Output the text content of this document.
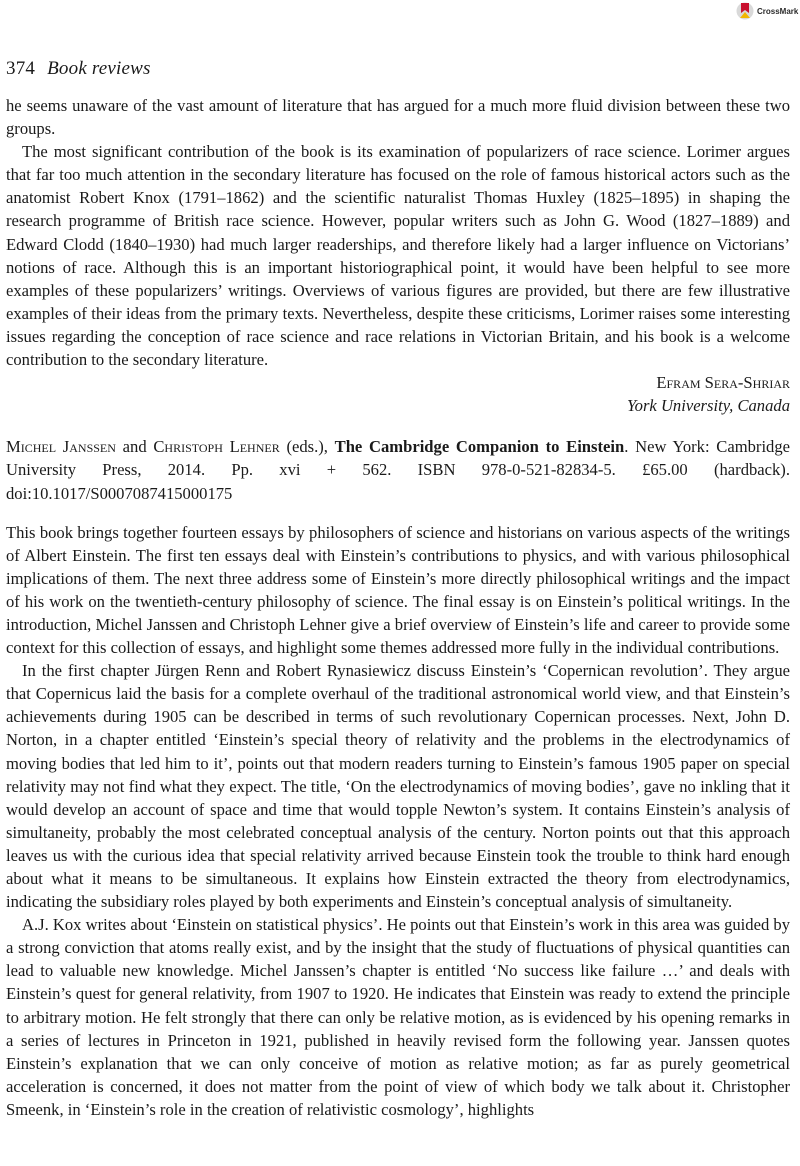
CrossMark
374 Book reviews

he seems unaware of the vast amount of literature that has argued for a much more fluid division between these two groups.

The most significant contribution of the book is its examination of popularizers of race science. Lorimer argues that far too much attention in the secondary literature has focused on the role of famous historical actors such as the anatomist Robert Knox (1791–1862) and the scientific naturalist Thomas Huxley (1825–1895) in shaping the research programme of British race science. However, popular writers such as John G. Wood (1827–1889) and Edward Clodd (1840–1930) had much larger readerships, and therefore likely had a larger influence on Victorians’ notions of race. Although this is an important historiographical point, it would have been helpful to see more examples of these popularizers’ writings. Overviews of various figures are provided, but there are few illustrative examples of their ideas from the primary texts. Nevertheless, despite these criticisms, Lorimer raises some interesting issues regarding the conception of race science and race relations in Victorian Britain, and his book is a welcome contribution to the secondary literature.

Efram Sera-Shriar

York University, Canada

Michel Janssen and Christoph Lehner (eds.), The Cambridge Companion to Einstein. New York: Cambridge University Press, 2014. Pp. xvi + 562. ISBN 978-0-521-82834-5. £65.00 (hardback). doi:10.1017/S0007087415000175

This book brings together fourteen essays by philosophers of science and historians on various aspects of the writings of Albert Einstein. The first ten essays deal with Einstein’s contributions to physics, and with various philosophical implications of them. The next three address some of Einstein’s more directly philosophical writings and the impact of his work on the twentieth-century philosophy of science. The final essay is on Einstein’s political writings. In the introduction, Michel Janssen and Christoph Lehner give a brief overview of Einstein’s life and career to provide some context for this collection of essays, and highlight some themes addressed more fully in the individual contributions.

In the first chapter Jürgen Renn and Robert Rynasiewicz discuss Einstein’s ‘Copernican revolution’. They argue that Copernicus laid the basis for a complete overhaul of the traditional astronomical world view, and that Einstein’s achievements during 1905 can be described in terms of such revolutionary Copernican processes. Next, John D. Norton, in a chapter entitled ‘Einstein’s special theory of relativity and the problems in the electrodynamics of moving bodies that led him to it’, points out that modern readers turning to Einstein’s famous 1905 paper on special relativity may not find what they expect. The title, ‘On the electrodynamics of moving bodies’, gave no inkling that it would develop an account of space and time that would topple Newton’s system. It contains Einstein’s analysis of simultaneity, probably the most celebrated conceptual analysis of the century. Norton points out that this approach leaves us with the curious idea that special relativity arrived because Einstein took the trouble to think hard enough about what it means to be simultaneous. It explains how Einstein extracted the theory from electrodynamics, indicating the subsidiary roles played by both experiments and Einstein’s conceptual analysis of simultaneity.

A.J. Kox writes about ‘Einstein on statistical physics’. He points out that Einstein’s work in this area was guided by a strong conviction that atoms really exist, and by the insight that the study of fluctuations of physical quantities can lead to valuable new knowledge. Michel Janssen’s chapter is entitled ‘No success like failure …’ and deals with Einstein’s quest for general relativity, from 1907 to 1920. He indicates that Einstein was ready to extend the principle to arbitrary motion. He felt strongly that there can only be relative motion, as is evidenced by his opening remarks in a series of lectures in Princeton in 1921, published in heavily revised form the following year. Janssen quotes Einstein’s explanation that we can only conceive of motion as relative motion; as far as purely geometrical acceleration is concerned, it does not matter from the point of view of which body we talk about it. Christopher Smeenk, in ‘Einstein’s role in the creation of relativistic cosmology’, highlights
